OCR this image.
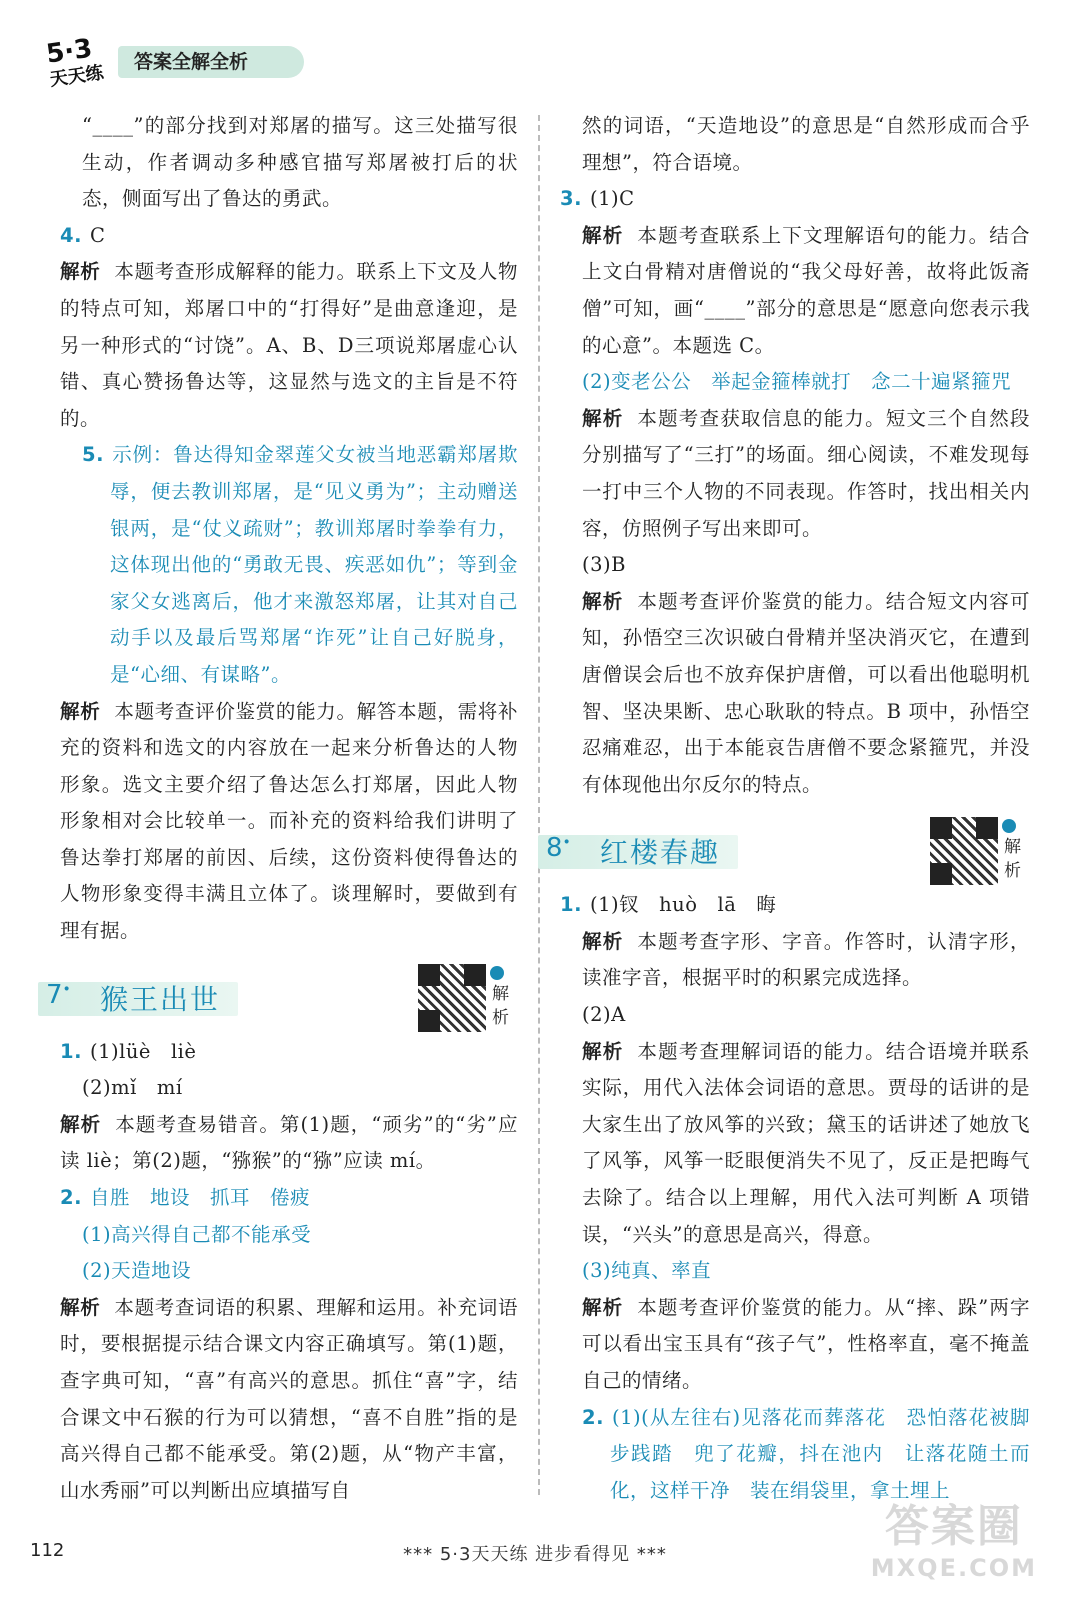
5·3
天天练
答案全解全析

“____”的部分找到对郑屠的描写。这三处描写很生动，作者调动多种感官描写郑屠被打后的状态，侧面写出了鲁达的勇武。

4. C

解析 本题考查形成解释的能力。联系上下文及人物的特点可知，郑屠口中的“打得好”是曲意逢迎，是另一种形式的“讨饶”。A、B、D三项说郑屠虚心认错、真心赞扬鲁达等，这显然与选文的主旨是不符的。

5. 示例：鲁达得知金翠莲父女被当地恶霸郑屠欺辱，便去教训郑屠，是“见义勇为”；主动赠送银两，是“仗义疏财”；教训郑屠时拳拳有力，这体现出他的“勇敢无畏、疾恶如仇”；等到金家父女逃离后，他才来激怒郑屠，让其对自己动手以及最后骂郑屠“诈死”让自己好脱身，是“心细、有谋略”。

解析 本题考查评价鉴赏的能力。解答本题，需将补充的资料和选文的内容放在一起来分析鲁达的人物形象。选文主要介绍了鲁达怎么打郑屠，因此人物形象相对会比较单一。而补充的资料给我们讲明了鲁达拳打郑屠的前因、后续，这份资料使得鲁达的人物形象变得丰满且立体了。谈理解时，要做到有理有据。

7• 猴王出世	解析

1. (1)lüè　liè

(2)mǐ　mí

解析 本题考查易错音。第(1)题，“顽劣”的“劣”应读 liè；第(2)题，“猕猴”的“猕”应读 mí。

2. 自胜　地设　抓耳　倦疲

(1)高兴得自己都不能承受

(2)天造地设

解析 本题考查词语的积累、理解和运用。补充词语时，要根据提示结合课文内容正确填写。第(1)题，查字典可知，“喜”有高兴的意思。抓住“喜”字，结合课文中石猴的行为可以猜想，“喜不自胜”指的是高兴得自己都不能承受。第(2)题，从“物产丰富，山水秀丽”可以判断出应填描写自

然的词语，“天造地设”的意思是“自然形成而合乎理想”，符合语境。

3. (1)C

解析 本题考查联系上下文理解语句的能力。结合上文白骨精对唐僧说的“我父母好善，故将此饭斋僧”可知，画“____”部分的意思是“愿意向您表示我的心意”。本题选 C。

(2)变老公公　举起金箍棒就打　念二十遍紧箍咒

解析 本题考查获取信息的能力。短文三个自然段分别描写了“三打”的场面。细心阅读，不难发现每一打中三个人物的不同表现。作答时，找出相关内容，仿照例子写出来即可。

(3)B

解析 本题考查评价鉴赏的能力。结合短文内容可知，孙悟空三次识破白骨精并坚决消灭它，在遭到唐僧误会后也不放弃保护唐僧，可以看出他聪明机智、坚决果断、忠心耿耿的特点。B 项中，孙悟空忍痛难忍，出于本能哀告唐僧不要念紧箍咒，并没有体现他出尔反尔的特点。

8• 红楼春趣	解析

1. (1)钗　huò　lā　晦

解析 本题考查字形、字音。作答时，认清字形，读准字音，根据平时的积累完成选择。

(2)A

解析 本题考查理解词语的能力。结合语境并联系实际，用代入法体会词语的意思。贾母的话讲的是大家生出了放风筝的兴致；黛玉的话讲述了她放飞了风筝，风筝一眨眼便消失不见了，反正是把晦气去除了。结合以上理解，用代入法可判断 A 项错误，“兴头”的意思是高兴，得意。

(3)纯真、率直

解析 本题考查评价鉴赏的能力。从“摔、跺”两字可以看出宝玉具有“孩子气”，性格率直，毫不掩盖自己的情绪。

2. (1)(从左往右)见落花而葬落花　恐怕落花被脚步践踏　兜了花瓣，抖在池内　让落花随土而化，这样干净　装在绢袋里，拿土埋上

答案圈
MXQE.COM
112	*** 5·3天天练 进步看得见 ***
